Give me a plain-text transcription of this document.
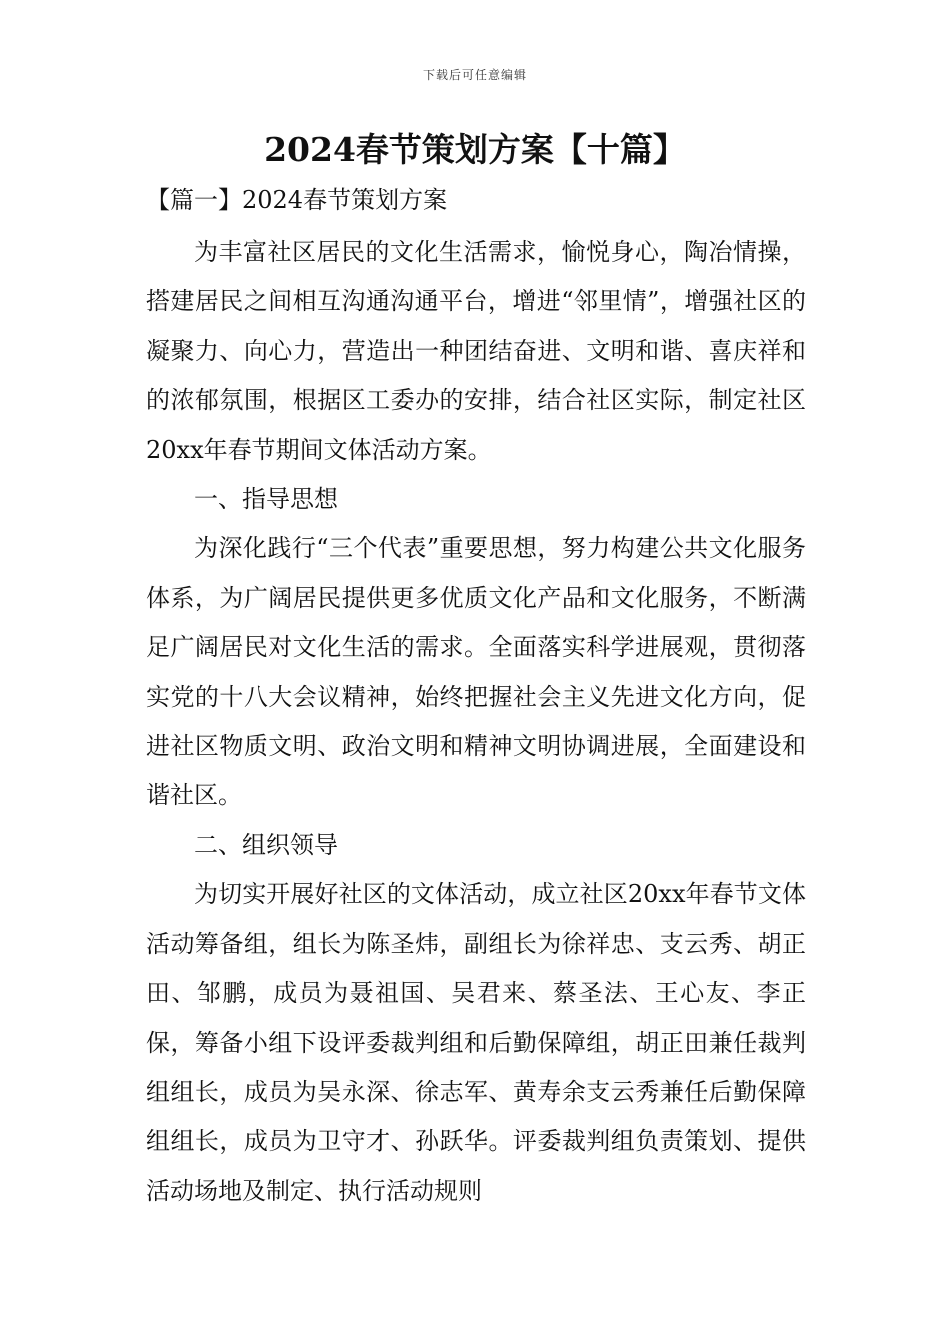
下载后可任意编辑
2024春节策划方案【十篇】
【篇一】2024春节策划方案

为丰富社区居民的文化生活需求，愉悦身心，陶冶情操，搭建居民之间相互沟通沟通平台，增进“邻里情”，增强社区的凝聚力、向心力，营造出一种团结奋进、文明和谐、喜庆祥和的浓郁氛围，根据区工委办的安排，结合社区实际，制定社区20xx年春节期间文体活动方案。

一、指导思想

为深化践行“三个代表”重要思想，努力构建公共文化服务体系，为广阔居民提供更多优质文化产品和文化服务，不断满足广阔居民对文化生活的需求。全面落实科学进展观，贯彻落实党的十八大会议精神，始终把握社会主义先进文化方向，促进社区物质文明、政治文明和精神文明协调进展，全面建设和谐社区。

二、组织领导

为切实开展好社区的文体活动，成立社区20xx年春节文体活动筹备组，组长为陈圣炜，副组长为徐祥忠、支云秀、胡正田、邹鹏，成员为聂祖国、吴君来、蔡圣法、王心友、李正保，筹备小组下设评委裁判组和后勤保障组，胡正田兼任裁判组组长，成员为吴永深、徐志军、黄寿余支云秀兼任后勤保障组组长，成员为卫守才、孙跃华。评委裁判组负责策划、提供活动场地及制定、执行活动规则
